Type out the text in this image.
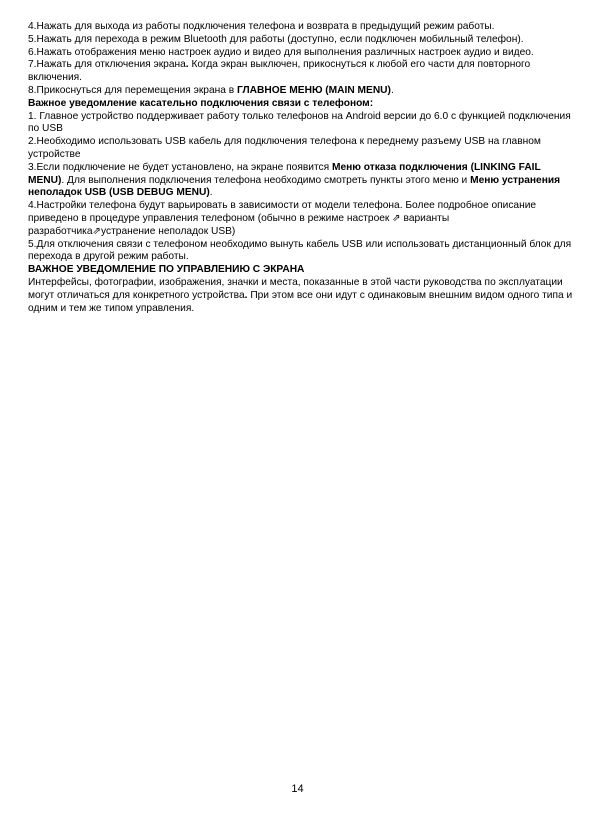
4.Нажать для выхода из работы подключения телефона и возврата в предыдущий режим работы.

5.Нажать для перехода в режим Bluetooth для работы (доступно, если подключен мобильный телефон).

6.Нажать отображения меню настроек аудио и видео для выполнения различных настроек аудио и видео.

7.Нажать для отключения экрана. Когда экран выключен, прикоснуться к любой его части для повторного включения.

8.Прикоснуться для перемещения экрана в ГЛАВНОЕ МЕНЮ (MAIN MENU).

Важное уведомление касательно подключения связи с телефоном:

1. Главное устройство поддерживает работу только телефонов на Android версии до 6.0 с функцией подключения по USB

2.Необходимо использовать USB кабель для подключения телефона к переднему разъему USB на главном устройстве

3.Если подключение не будет установлено, на экране появится Меню отказа подключения (LINKING FAIL MENU). Для выполнения подключения телефона необходимо смотреть пункты этого меню и Меню устранения неполадок USB (USB DEBUG MENU).

4.Настройки телефона будут варьировать в зависимости от модели телефона. Более подробное описание приведено в процедуре управления телефоном (обычно в режиме настроек ⇗ варианты разработчика⇗устранение неполадок USB)

5.Для отключения связи с телефоном необходимо вынуть кабель USB или использовать дистанционный блок для перехода в другой режим работы.

ВАЖНОЕ УВЕДОМЛЕНИЕ ПО УПРАВЛЕНИЮ С ЭКРАНА

Интерфейсы, фотографии, изображения, значки и места, показанные в этой части руководства по эксплуатации могут отличаться для конкретного устройства. При этом все они идут с одинаковым внешним видом одного типа и одним и тем же типом управления.

14
